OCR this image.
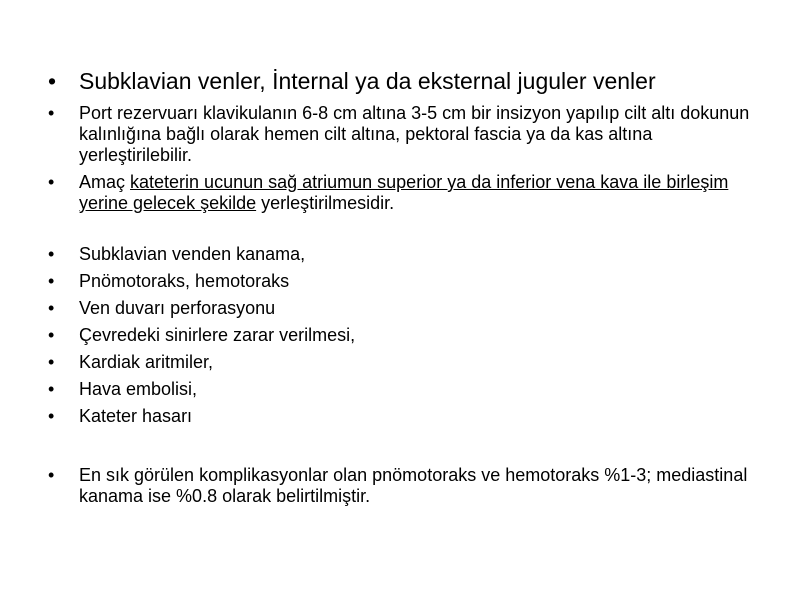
• Subklavian venler, İnternal ya da eksternal juguler venler
• Port rezervuarı klavikulanın 6-8 cm altına 3-5 cm bir insizyon yapılıp cilt altı dokunun kalınlığına bağlı olarak hemen cilt altına, pektoral fascia ya da kas altına yerleştirilebilir.
• Amaç kateterin ucunun sağ atriumun superior ya da inferior vena kava ile birleşim yerine gelecek şekilde yerleştirilmesidir.
• Subklavian venden kanama,
• Pnömotoraks, hemotoraks
• Ven duvarı perforasyonu
• Çevredeki sinirlere zarar verilmesi,
• Kardiak aritmiler,
• Hava embolisi,
• Kateter hasarı
• En sık görülen komplikasyonlar olan pnömotoraks ve hemotoraks %1-3; mediastinal kanama ise %0.8 olarak belirtilmiştir.
